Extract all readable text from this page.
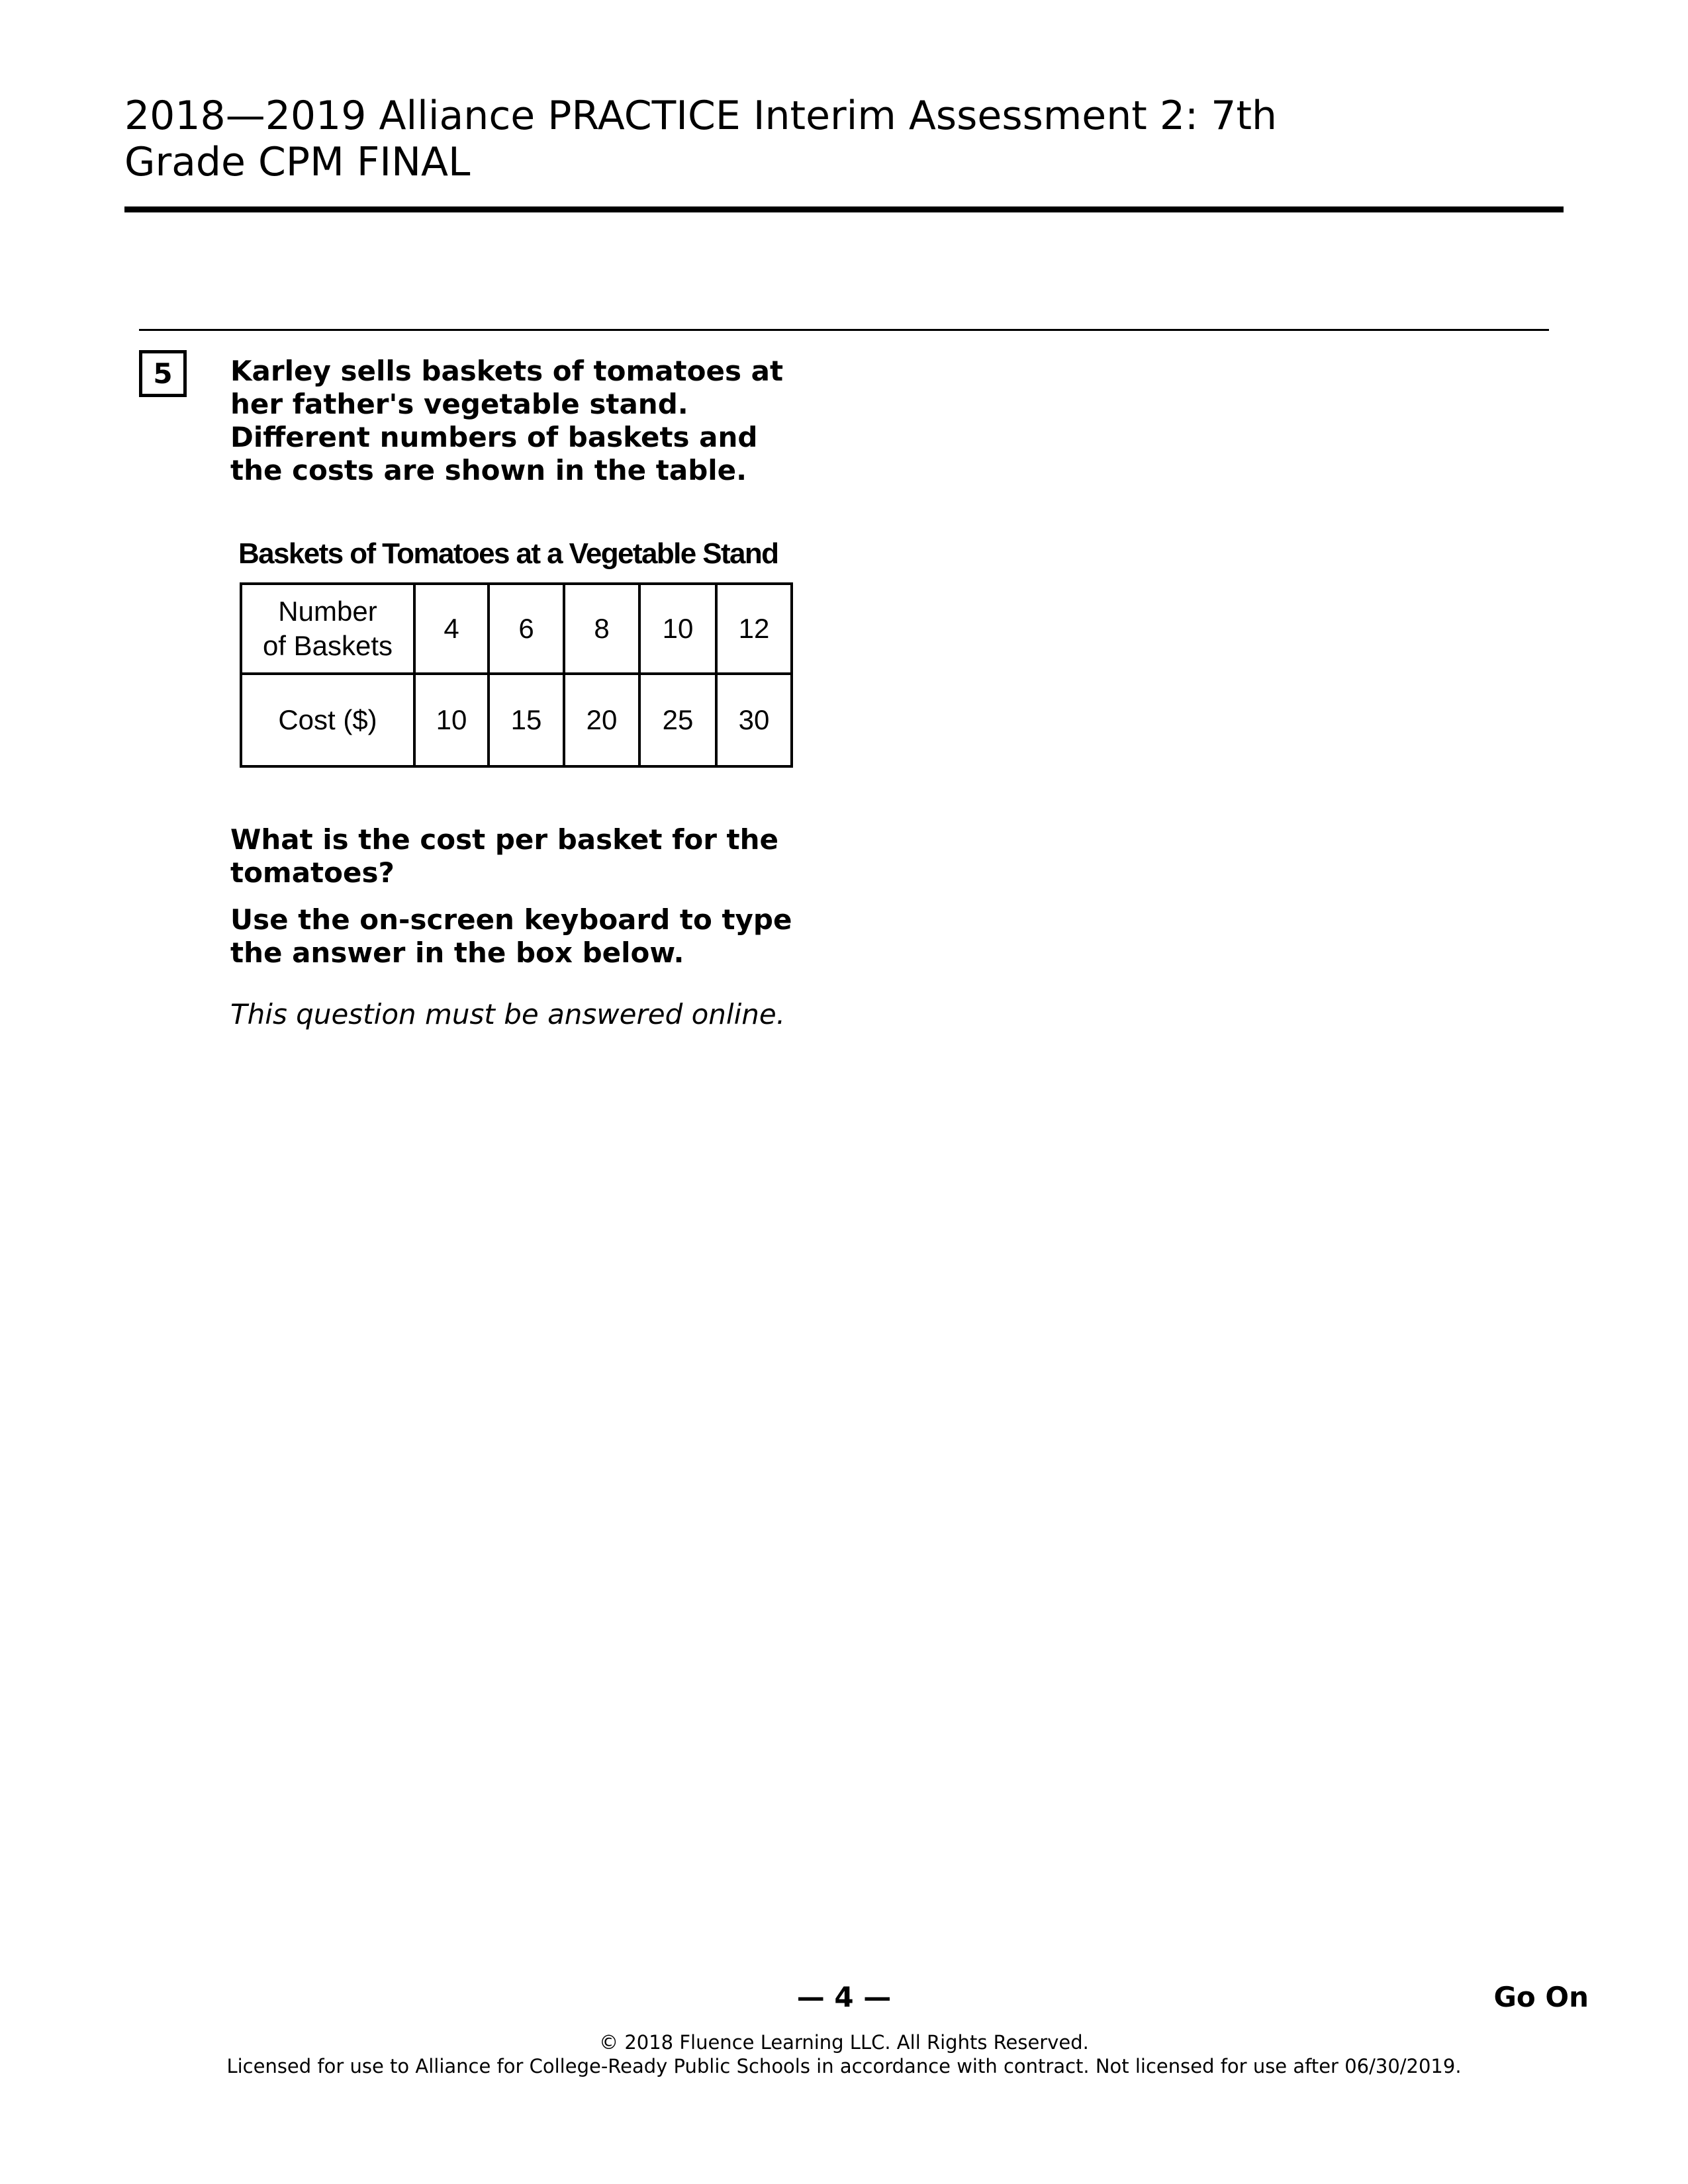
2018—2019 Alliance PRACTICE Interim Assessment 2: 7th
Grade CPM FINAL
5	Karley sells baskets of tomatoes at
her father's vegetable stand.
Different numbers of baskets and
the costs are shown in the table.
Baskets of Tomatoes at a Vegetable Stand
Number
of Baskets	4	6	8	10	12
Cost ($)	10	15	20	25	30
What is the cost per basket for the
tomatoes?
Use the on-screen keyboard to type
the answer in the box below.
This question must be answered online.
— 4 —	Go On
© 2018 Fluence Learning LLC. All Rights Reserved.
Licensed for use to Alliance for College-Ready Public Schools in accordance with contract. Not licensed for use after 06/30/2019.
